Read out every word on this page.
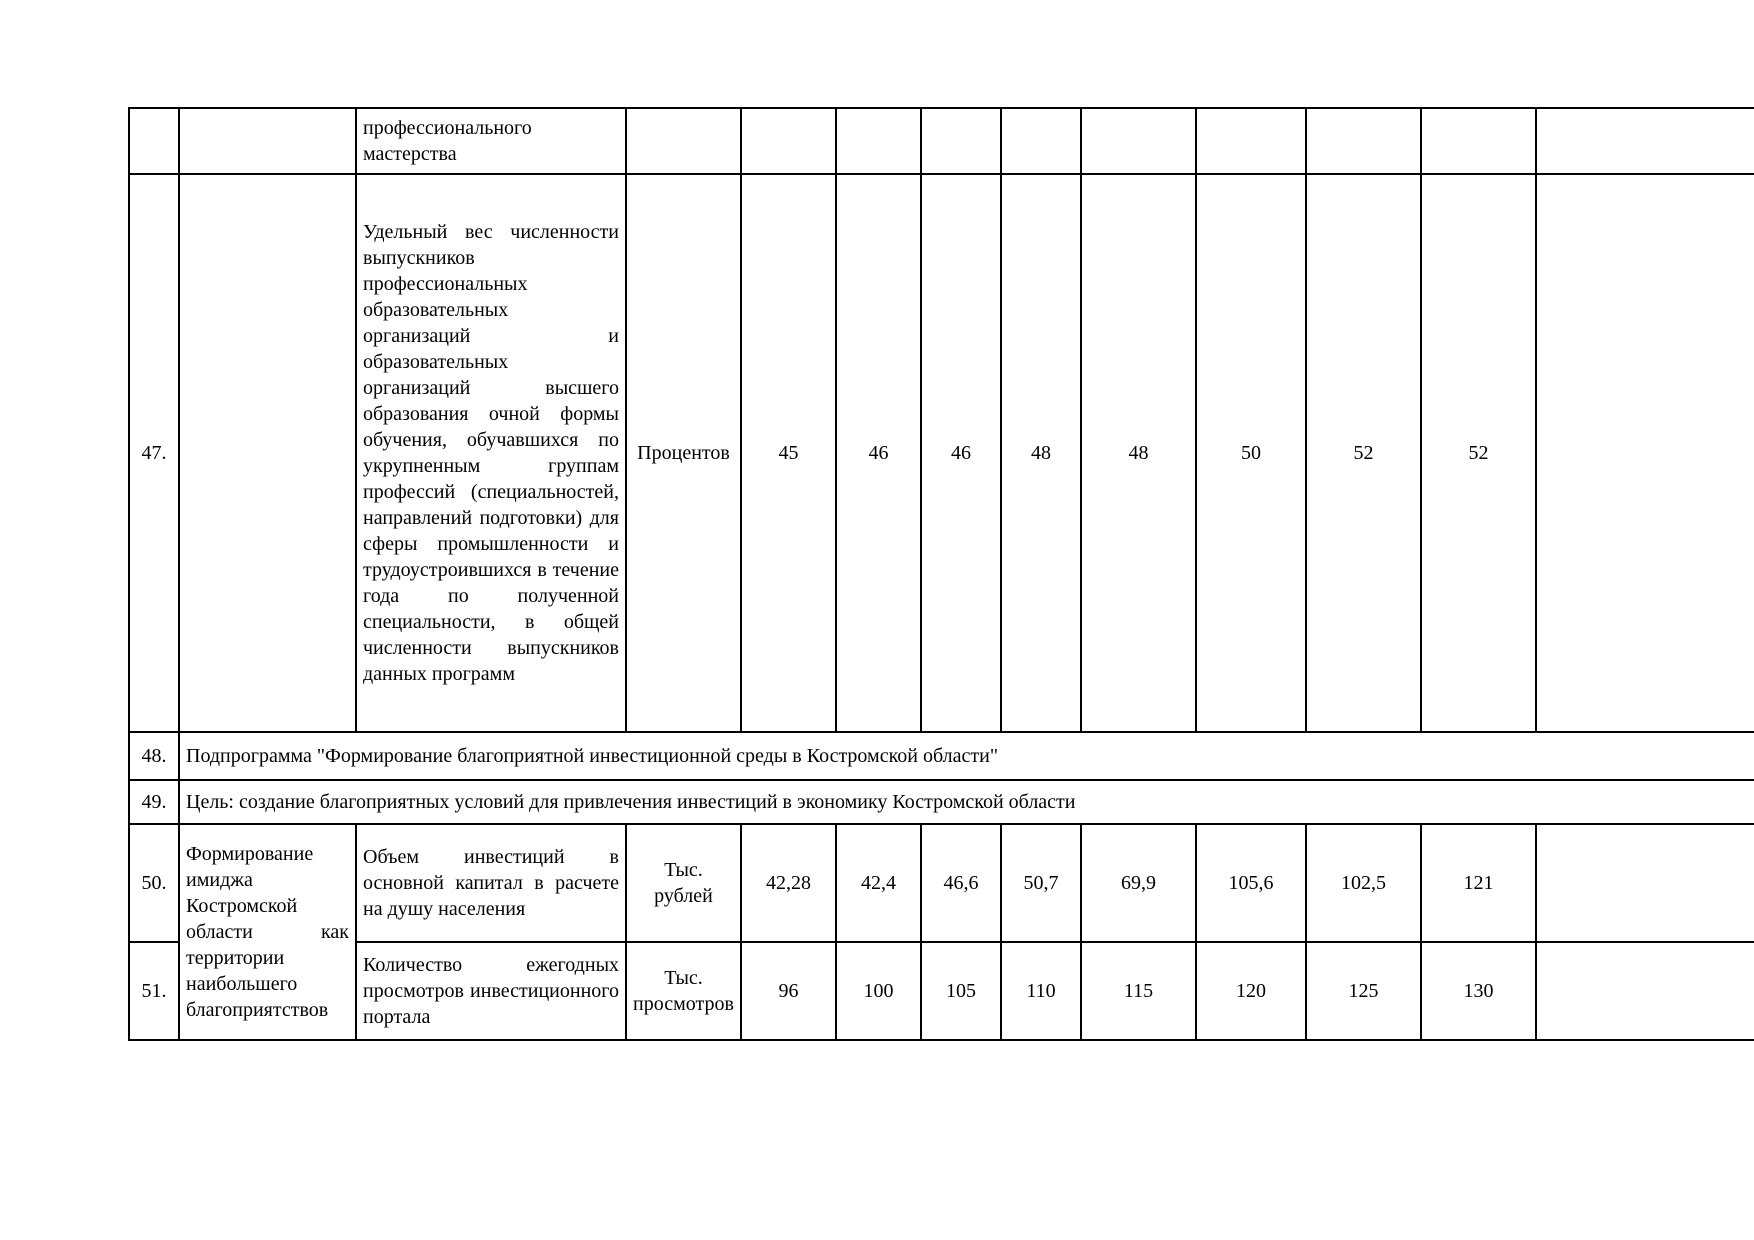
		профессионального мастерства										
47.		Удельный вес численности выпускников профессиональных образовательных организаций и образовательных организаций высшего образования очной формы обучения, обучавшихся по укрупненным группам профессий (специальностей, направлений подготовки) для сферы промышленности и трудоустроившихся в течение года по полученной специальности, в общей численности выпускников данных программ	Процентов	45	46	46	48	48	50	52	52	
48.	Подпрограмма "Формирование благоприятной инвестиционной среды в Костромской области"											
49.	Цель: создание благоприятных условий для привлечения инвестиций в экономику Костромской области											
50.	Формирование имиджа Костромской области как территории наибольшего благоприятствов	Объем инвестиций в основной капитал в расчете на душу населения	Тыс. рублей	42,28	42,4	46,6	50,7	69,9	105,6	102,5	121	
51.		Количество ежегодных просмотров инвестиционного портала	Тыс. просмотров	96	100	105	110	115	120	125	130	
